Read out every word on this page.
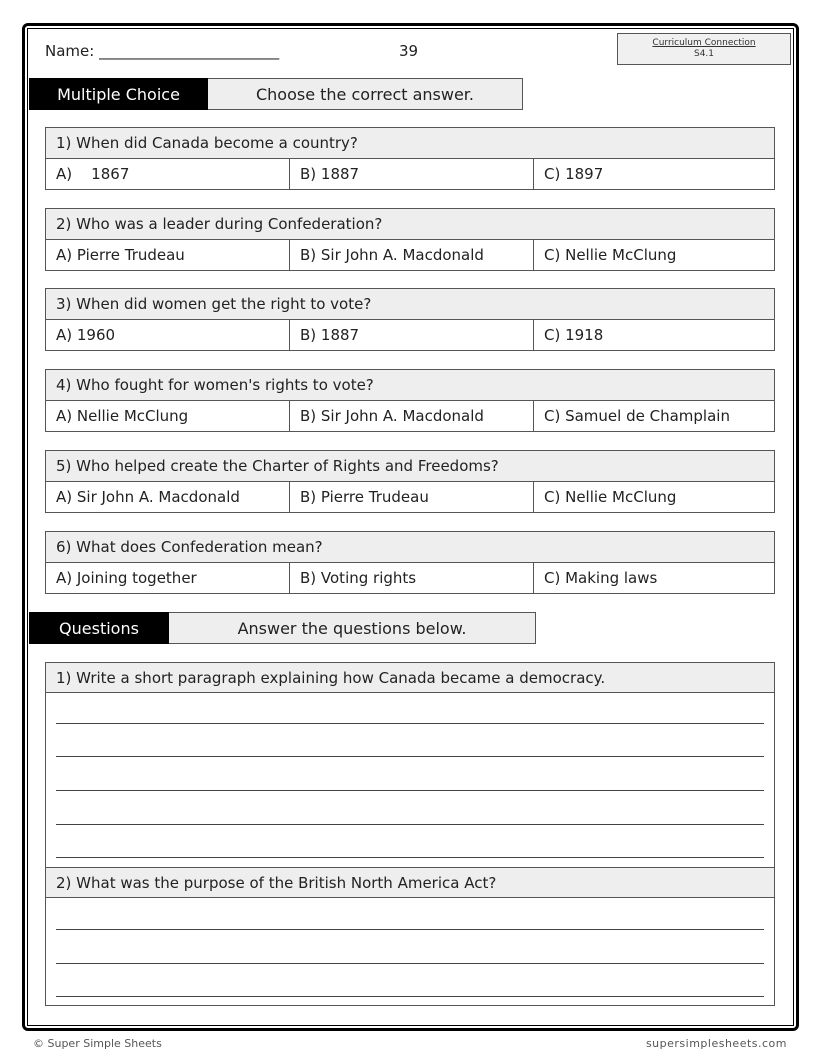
Name: ________________________	39	Curriculum Connection
S4.1
Multiple Choice	Choose the correct answer.
1) When did Canada become a country?
A)    1867	B) 1887	C) 1897
2) Who was a leader during Confederation?
A) Pierre Trudeau	B) Sir John A. Macdonald	C) Nellie McClung
3) When did women get the right to vote?
A) 1960	B) 1887	C) 1918
4) Who fought for women's rights to vote?
A) Nellie McClung	B) Sir John A. Macdonald	C) Samuel de Champlain
5) Who helped create the Charter of Rights and Freedoms?
A) Sir John A. Macdonald	B) Pierre Trudeau	C) Nellie McClung
6) What does Confederation mean?
A) Joining together	B) Voting rights	C) Making laws
Questions	Answer the questions below.
1) Write a short paragraph explaining how Canada became a democracy.
2) What was the purpose of the British North America Act?
© Super Simple Sheets	supersimplesheets.com
